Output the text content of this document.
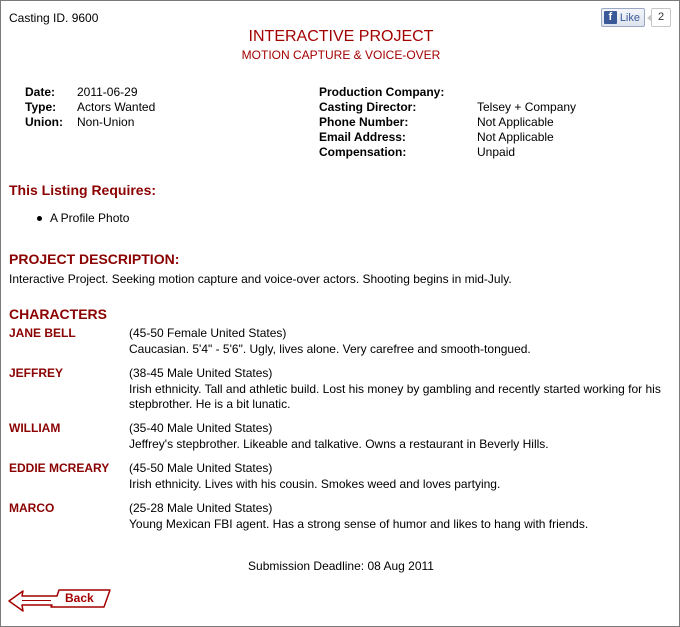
Casting ID. 9600	f Like	2
INTERACTIVE PROJECT
MOTION CAPTURE & VOICE-OVER
Date:	2011-06-29
Type:	Actors Wanted
Union:	Non-Union
Production Company:
Casting Director:	Telsey + Company
Phone Number:	Not Applicable
Email Address:	Not Applicable
Compensation:	Unpaid
This Listing Requires:
A Profile Photo
PROJECT DESCRIPTION:
Interactive Project. Seeking motion capture and voice-over actors. Shooting begins in mid-July.
CHARACTERS
JANE BELL	(45-50 Female United States)
Caucasian. 5'4" - 5'6". Ugly, lives alone. Very carefree and smooth-tongued.
JEFFREY	(38-45 Male United States)
Irish ethnicity. Tall and athletic build. Lost his money by gambling and recently started working for his stepbrother. He is a bit lunatic.
WILLIAM	(35-40 Male United States)
Jeffrey's stepbrother. Likeable and talkative. Owns a restaurant in Beverly Hills.
EDDIE MCREARY	(45-50 Male United States)
Irish ethnicity. Lives with his cousin. Smokes weed and loves partying.
MARCO	(25-28 Male United States)
Young Mexican FBI agent. Has a strong sense of humor and likes to hang with friends.
Submission Deadline: 08 Aug 2011
Back
